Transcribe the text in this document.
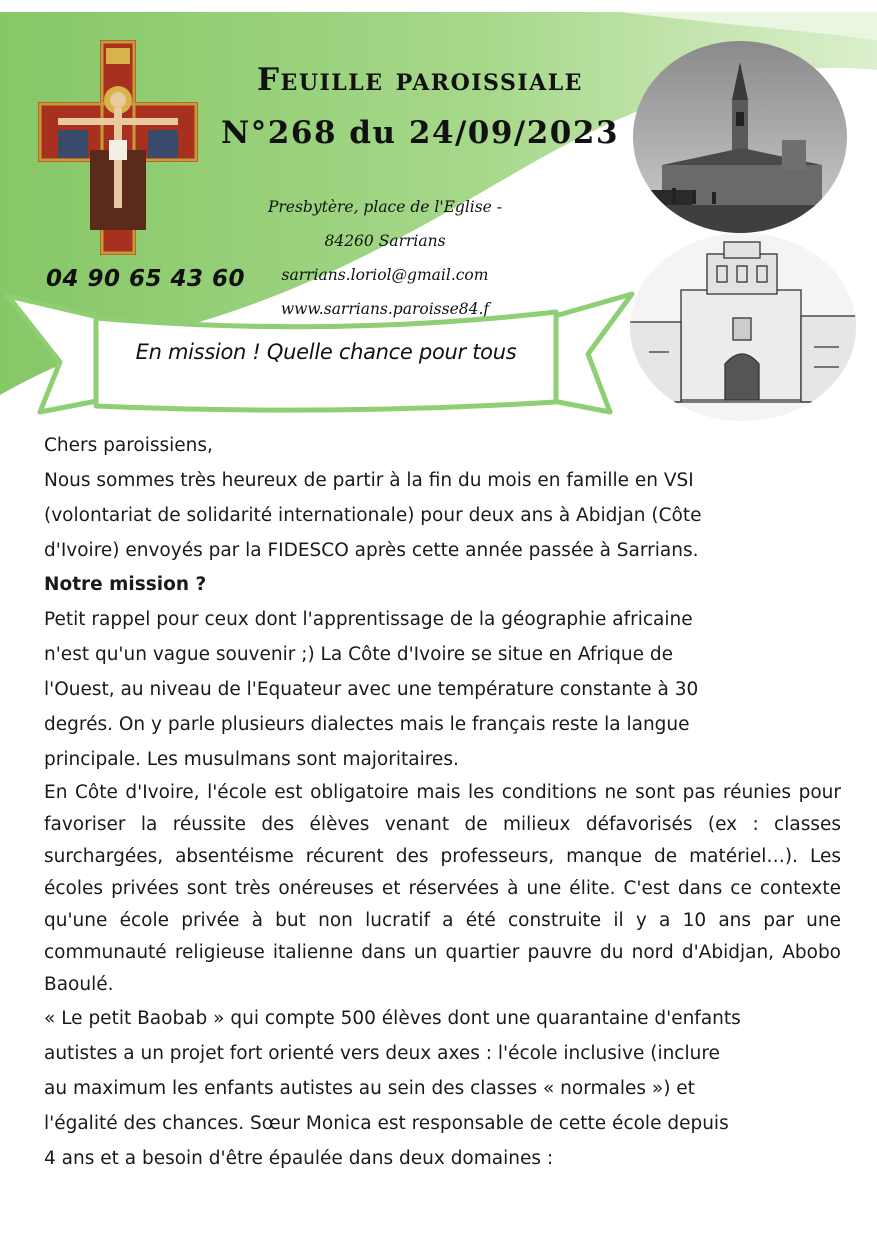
Feuille paroissiale
N°268 du 24/09/2023
Presbytère, place de l'Eglise -
84260 Sarrians
sarrians.loriol@gmail.com
www.sarrians.paroisse84.f
04 90 65 43 60
En mission ! Quelle chance pour tous

Chers paroissiens,

Nous sommes très heureux de partir à la fin du mois en famille en VSI

(volontariat de solidarité internationale) pour deux ans à Abidjan (Côte

d'Ivoire) envoyés par la FIDESCO après cette année passée à Sarrians.

Notre mission ?

Petit rappel pour ceux dont l'apprentissage de la géographie africaine

n'est qu'un vague souvenir ;) La Côte d'Ivoire se situe en Afrique de

l'Ouest, au niveau de l'Equateur avec une température constante à 30

degrés. On y parle plusieurs dialectes mais le français reste la langue

principale. Les musulmans sont majoritaires.

En Côte d'Ivoire, l'école est obligatoire mais les conditions ne sont pas réunies pour favoriser la réussite des élèves venant de milieux défavorisés (ex : classes surchargées, absentéisme récurent des professeurs, manque de matériel…). Les écoles privées sont très onéreuses et réservées à une élite. C'est dans ce contexte qu'une école privée à but non lucratif a été construite il y a 10 ans par une communauté religieuse italienne dans un quartier pauvre du nord d'Abidjan, Abobo Baoulé.

« Le petit Baobab » qui compte 500 élèves dont une quarantaine d'enfants

autistes a un projet fort orienté vers deux axes : l'école inclusive (inclure

au maximum les enfants autistes au sein des classes « normales ») et

l'égalité des chances. Sœur Monica est responsable de cette école depuis

4 ans et a besoin d'être épaulée dans deux domaines :
